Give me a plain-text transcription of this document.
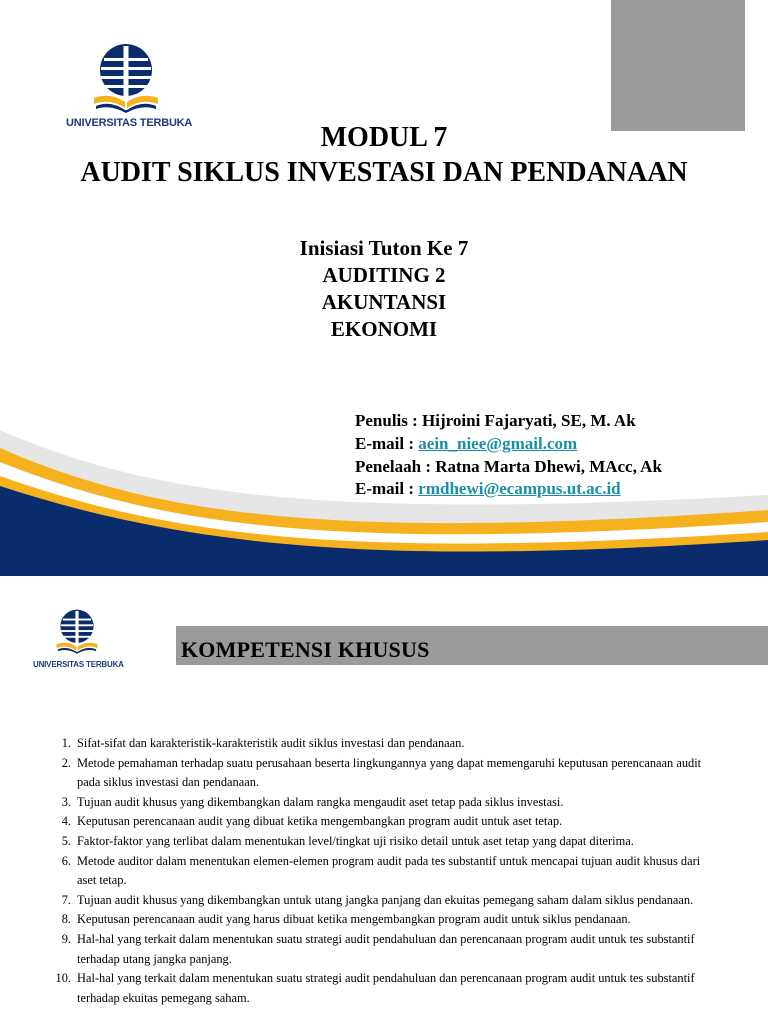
UNIVERSITAS TERBUKA	MODUL 7
AUDIT SIKLUS INVESTASI DAN PENDANAAN
Inisiasi Tuton Ke 7
AUDITING 2
AKUNTANSI
EKONOMI
Penulis : Hijroini Fajaryati, SE, M. Ak
E-mail : aein_niee@gmail.com
Penelaah : Ratna Marta Dhewi, MAcc, Ak
E-mail : rmdhewi@ecampus.ut.ac.id
UNIVERSITAS TERBUKA
KOMPETENSI KHUSUS
1. Sifat-sifat dan karakteristik-karakteristik audit siklus investasi dan pendanaan.
2. Metode pemahaman terhadap suatu perusahaan beserta lingkungannya yang dapat memengaruhi keputusan perencanaan audit pada siklus investasi dan pendanaan.
3. Tujuan audit khusus yang dikembangkan dalam rangka mengaudit aset tetap pada siklus investasi.
4. Keputusan perencanaan audit yang dibuat ketika mengembangkan program audit untuk aset tetap.
5. Faktor-faktor yang terlibat dalam menentukan level/tingkat uji risiko detail untuk aset tetap yang dapat diterima.
6. Metode auditor dalam menentukan elemen-elemen program audit pada tes substantif untuk mencapai tujuan audit khusus dari aset tetap.
7. Tujuan audit khusus yang dikembangkan untuk utang jangka panjang dan ekuitas pemegang saham dalam siklus pendanaan.
8. Keputusan perencanaan audit yang harus dibuat ketika mengembangkan program audit untuk siklus pendanaan.
9. Hal-hal yang terkait dalam menentukan suatu strategi audit pendahuluan dan perencanaan program audit untuk tes substantif terhadap utang jangka panjang.
10. Hal-hal yang terkait dalam menentukan suatu strategi audit pendahuluan dan perencanaan program audit untuk tes substantif terhadap ekuitas pemegang saham.
